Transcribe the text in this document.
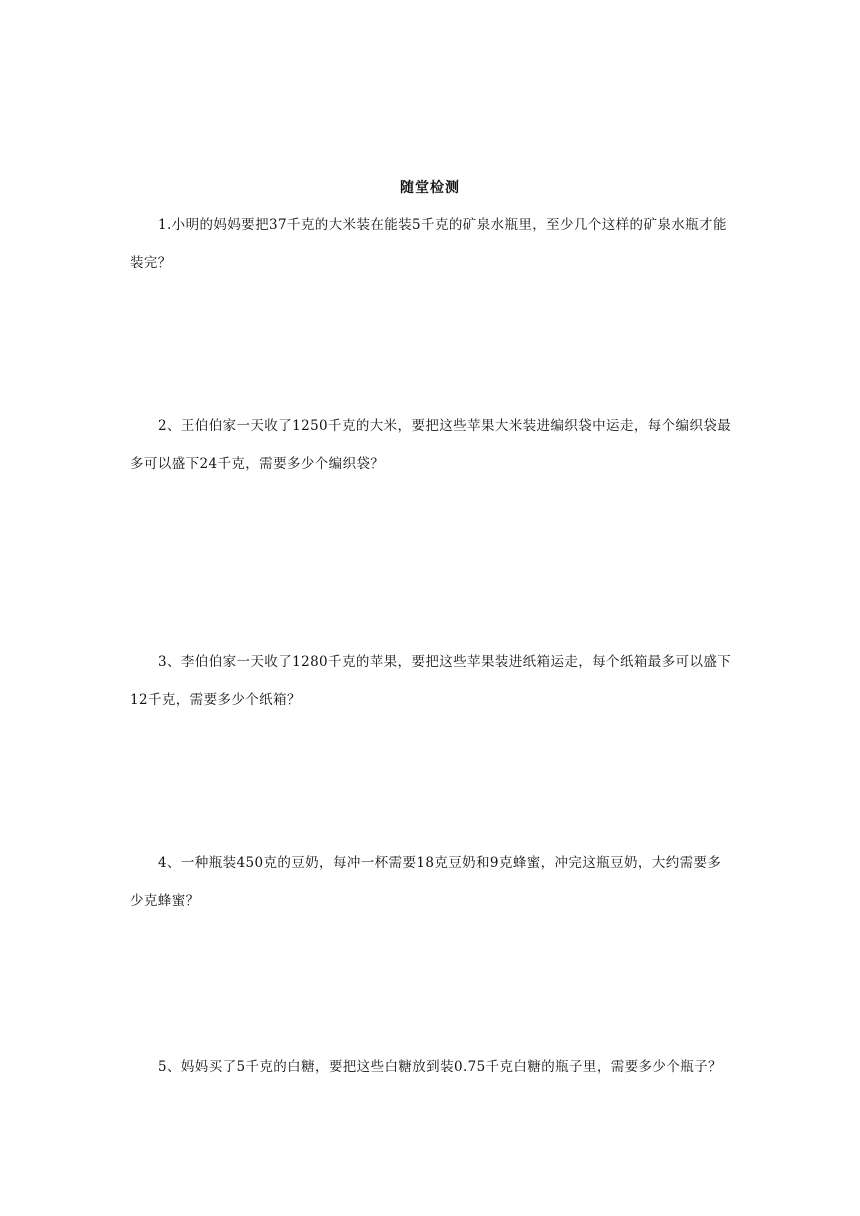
随堂检测
1.小明的妈妈要把37千克的大米装在能装5千克的矿泉水瓶里，至少几个这样的矿泉水瓶才能装完？
2、王伯伯家一天收了1250千克的大米，要把这些苹果大米装进编织袋中运走，每个编织袋最多可以盛下24千克，需要多少个编织袋？
3、李伯伯家一天收了1280千克的苹果，要把这些苹果装进纸箱运走，每个纸箱最多可以盛下12千克，需要多少个纸箱？
4、一种瓶装450克的豆奶，每冲一杯需要18克豆奶和9克蜂蜜，冲完这瓶豆奶，大约需要多少克蜂蜜？
5、妈妈买了5千克的白糖，要把这些白糖放到装0.75千克白糖的瓶子里，需要多少个瓶子？
